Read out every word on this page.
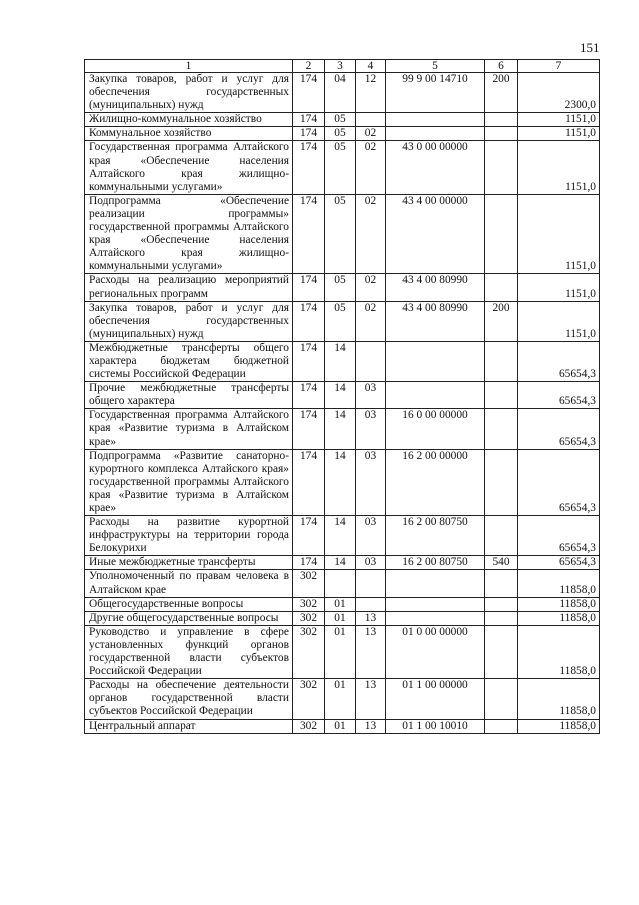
151
1	2	3	4	5	6	7
Закупка товаров, работ и услуг для обеспечения государственных (муниципальных) нужд	174	04	12	99 9 00 14710	200	2300,0
Жилищно-коммунальное хозяйство	174	05				1151,0
Коммунальное хозяйство	174	05	02			1151,0
Государственная программа Алтайского края «Обеспечение населения Алтайского края жилищно-коммунальными услугами»	174	05	02	43 0 00 00000		1151,0
Подпрограмма «Обеспечение реализации программы» государственной программы Алтайского края «Обеспечение населения Алтайского края жилищно-коммунальными услугами»	174	05	02	43 4 00 00000		1151,0
Расходы на реализацию мероприятий региональных программ	174	05	02	43 4 00 80990		1151,0
Закупка товаров, работ и услуг для обеспечения государственных (муниципальных) нужд	174	05	02	43 4 00 80990	200	1151,0
Межбюджетные трансферты общего характера бюджетам бюджетной системы Российской Федерации	174	14				65654,3
Прочие межбюджетные трансферты общего характера	174	14	03			65654,3
Государственная программа Алтайского края «Развитие туризма в Алтайском крае»	174	14	03	16 0 00 00000		65654,3
Подпрограмма «Развитие санаторно-курортного комплекса Алтайского края» государственной программы Алтайского края «Развитие туризма в Алтайском крае»	174	14	03	16 2 00 00000		65654,3
Расходы на развитие курортной инфраструктуры на территории города Белокурихи	174	14	03	16 2 00 80750		65654,3
Иные межбюджетные трансферты	174	14	03	16 2 00 80750	540	65654,3
Уполномоченный по правам человека в Алтайском крае	302					11858,0
Общегосударственные вопросы	302	01				11858,0
Другие общегосударственные вопросы	302	01	13			11858,0
Руководство и управление в сфере установленных функций органов государственной власти субъектов Российской Федерации	302	01	13	01 0 00 00000		11858,0
Расходы на обеспечение деятельности органов государственной власти субъектов Российской Федерации	302	01	13	01 1 00 00000		11858,0
Центральный аппарат	302	01	13	01 1 00 10010		11858,0
